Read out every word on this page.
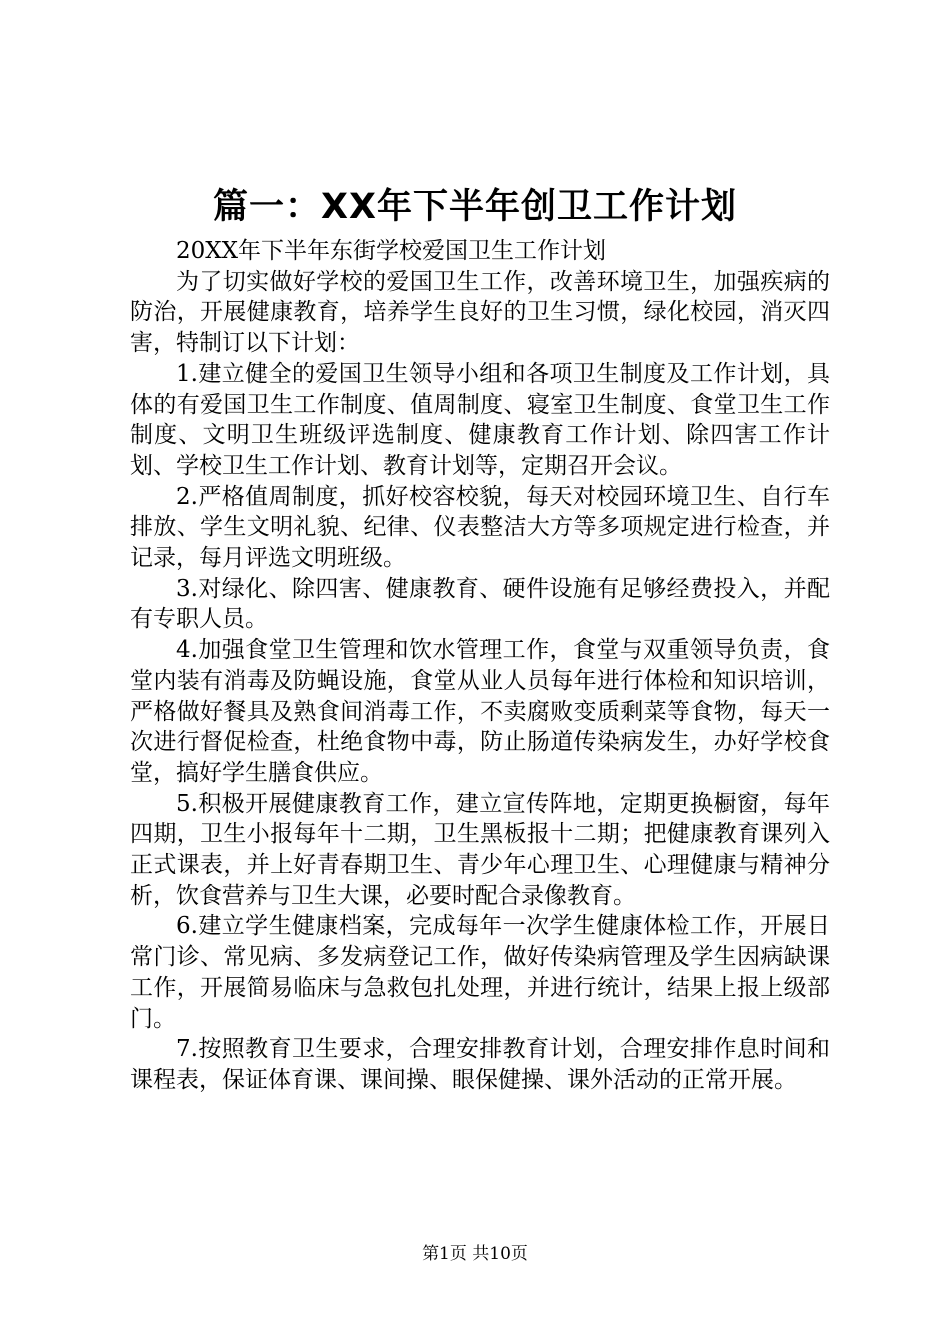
篇一：XX年下半年创卫工作计划

20XX年下半年东街学校爱国卫生工作计划

为了切实做好学校的爱国卫生工作，改善环境卫生，加强疾病的防治，开展健康教育，培养学生良好的卫生习惯，绿化校园，消灭四害，特制订以下计划：

1.建立健全的爱国卫生领导小组和各项卫生制度及工作计划，具体的有爱国卫生工作制度、值周制度、寝室卫生制度、食堂卫生工作制度、文明卫生班级评选制度、健康教育工作计划、除四害工作计划、学校卫生工作计划、教育计划等，定期召开会议。

2.严格值周制度，抓好校容校貌，每天对校园环境卫生、自行车排放、学生文明礼貌、纪律、仪表整洁大方等多项规定进行检查，并记录，每月评选文明班级。

3.对绿化、除四害、健康教育、硬件设施有足够经费投入，并配有专职人员。

4.加强食堂卫生管理和饮水管理工作，食堂与双重领导负责，食堂内装有消毒及防蝇设施，食堂从业人员每年进行体检和知识培训，严格做好餐具及熟食间消毒工作，不卖腐败变质剩菜等食物，每天一次进行督促检查，杜绝食物中毒，防止肠道传染病发生，办好学校食堂，搞好学生膳食供应。

5.积极开展健康教育工作，建立宣传阵地，定期更换橱窗，每年四期，卫生小报每年十二期，卫生黑板报十二期；把健康教育课列入正式课表，并上好青春期卫生、青少年心理卫生、心理健康与精神分析，饮食营养与卫生大课，必要时配合录像教育。

6.建立学生健康档案，完成每年一次学生健康体检工作，开展日常门诊、常见病、多发病登记工作，做好传染病管理及学生因病缺课工作，开展简易临床与急救包扎处理，并进行统计，结果上报上级部门。

7.按照教育卫生要求，合理安排教育计划，合理安排作息时间和课程表，保证体育课、课间操、眼保健操、课外活动的正常开展。

第1页 共10页
